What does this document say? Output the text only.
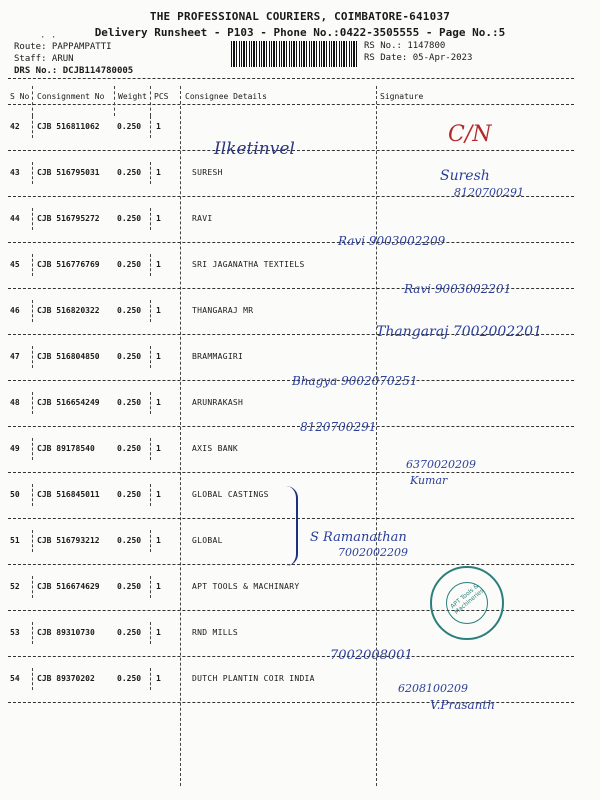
· ·
THE PROFESSIONAL COURIERS, COIMBATORE-641037
Delivery Runsheet - P103 - Phone No.:0422-3505555 - Page No.:5
Route: PAPPAMPATTI
Staff: ARUN
DRS No.: DCJB114780005
RS No.: 1147800
RS Date: 05-Apr-2023
S No Consignment No Weight PCS Consignee Details	Signature
42 CJB 516811062 0.250 1
43 CJB 516795031 0.250 1	SURESH
44 CJB 516795272 0.250 1	RAVI
45 CJB 516776769 0.250 1	SRI JAGANATHA TEXTIELS
46 CJB 516820322 0.250 1	THANGARAJ MR
47 CJB 516804850 0.250 1	BRAMMAGIRI
48 CJB 516654249 0.250 1	ARUNRAKASH
49 CJB 89178540	0.250 1	AXIS BANK
50 CJB 516845011 0.250 1	GLOBAL CASTINGS
51 CJB 516793212 0.250 1	GLOBAL
52 CJB 516674629 0.250 1	APT TOOLS & MACHINARY
53 CJB 89310730	0.250 1	RND MILLS
54 CJB 89370202	0.250 1	DUTCH PLANTIN COIR INDIA
Ilketinvel
C/N
Suresh
8120700291
Ravi 9003002209
Ravi 9003002201
Thangaraj 7002002201
Bhagya 9002070251
8120700291
6370020209
Kumar
S Ramanathan
7002002209
APT Tools & Machineries
7002008001
6208100209
V.Prasanth
